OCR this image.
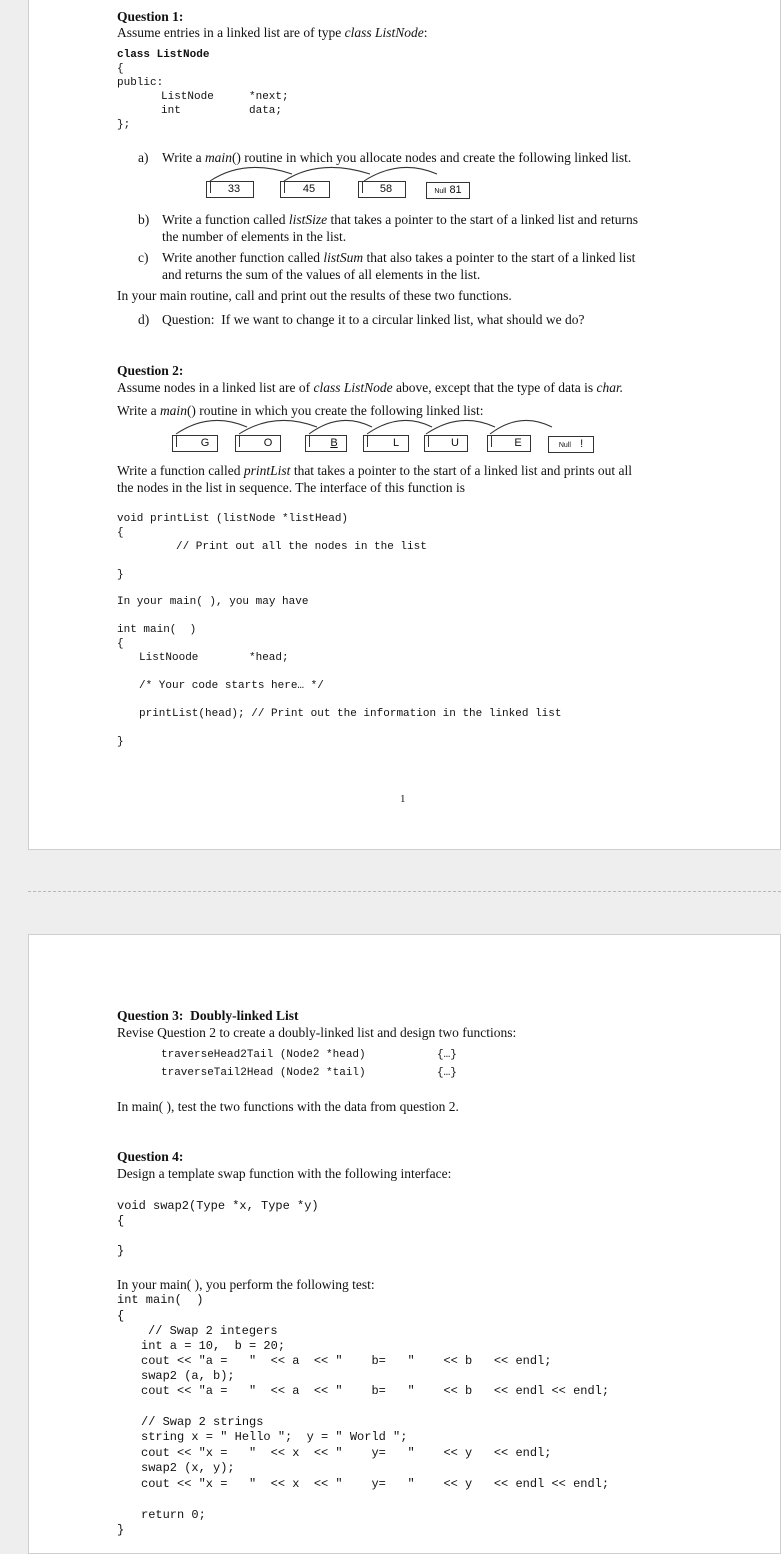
Question 1:
Assume entries in a linked list are of type class ListNode:
class ListNode
{
public:
ListNode	*next;
int	data;
};
a) Write a main() routine in which you allocate nodes and create the following linked list.
33	45	58	Null 81
b) Write a function called listSize that takes a pointer to the start of a linked list and returns
the number of elements in the list.
c) Write another function called listSum that also takes a pointer to the start of a linked list
and returns the sum of the values of all elements in the list.
In your main routine, call and print out the results of these two functions.
d) Question:  If we want to change it to a circular linked list, what should we do?
Question 2:
Assume nodes in a linked list are of class ListNode above, except that the type of data is char.
Write a main() routine in which you create the following linked list:
G	O	B	L	U	E	Null !
Write a function called printList that takes a pointer to the start of a linked list and prints out all
the nodes in the list in sequence. The interface of this function is
void printList (listNode *listHead)
{
// Print out all the nodes in the list
}
In your main( ), you may have
int main(  )
{
ListNoode	*head;
/* Your code starts here… */
printList(head); // Print out the information in the linked list
}
1
Question 3:  Doubly-linked List
Revise Question 2 to create a doubly-linked list and design two functions:
traverseHead2Tail (Node2 *head)	{…}
traverseTail2Head (Node2 *tail)	{…}
In main( ), test the two functions with the data from question 2.
Question 4:
Design a template swap function with the following interface:
void swap2(Type *x, Type *y)
{
}
In your main( ), you perform the following test:
int main(  )
{
// Swap 2 integers
int a = 10,  b = 20;
cout << "a =   "  << a  << "    b=   "    << b   << endl;
swap2 (a, b);
cout << "a =   "  << a  << "    b=   "    << b   << endl << endl;
// Swap 2 strings
string x = " Hello ";  y = " World ";
cout << "x =   "  << x  << "    y=   "    << y   << endl;
swap2 (x, y);
cout << "x =   "  << x  << "    y=   "    << y   << endl << endl;
return 0;
}
